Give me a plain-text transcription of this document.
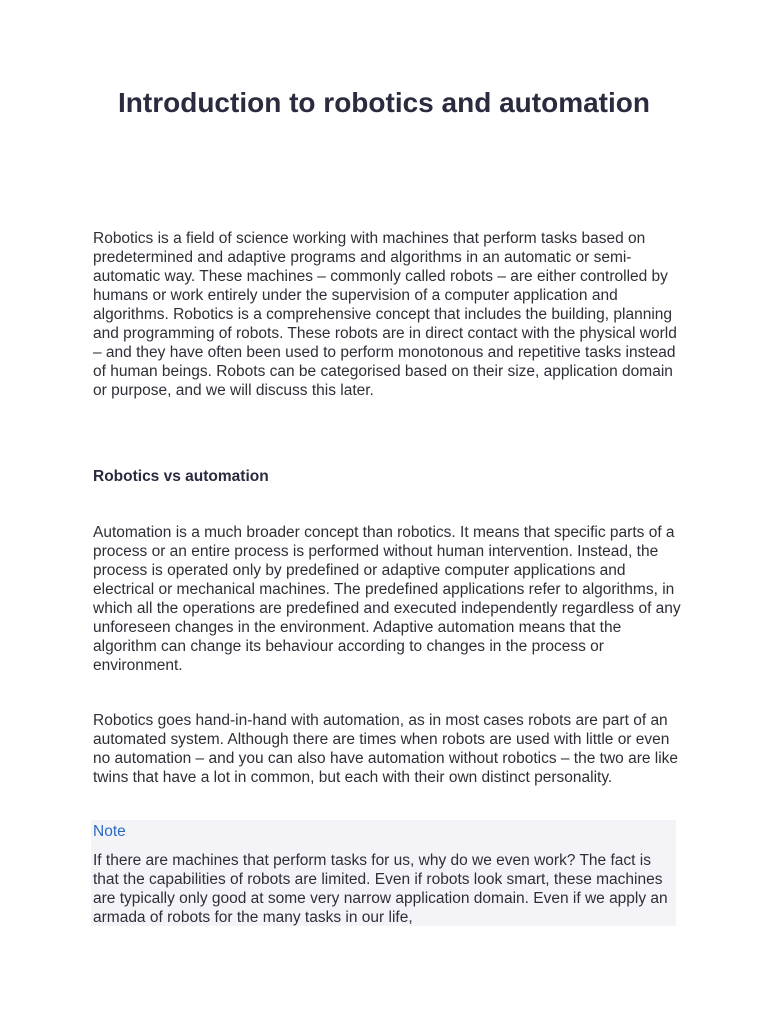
Introduction to robotics and automation

Robotics is a field of science working with machines that perform tasks based on predetermined and adaptive programs and algorithms in an automatic or semi-automatic way. These machines – commonly called robots – are either controlled by humans or work entirely under the supervision of a computer application and algorithms. Robotics is a comprehensive concept that includes the building, planning and programming of robots. These robots are in direct contact with the physical world – and they have often been used to perform monotonous and repetitive tasks instead of human beings. Robots can be categorised based on their size, application domain or purpose, and we will discuss this later.

Robotics vs automation

Automation is a much broader concept than robotics. It means that specific parts of a process or an entire process is performed without human intervention. Instead, the process is operated only by predefined or adaptive computer applications and electrical or mechanical machines. The predefined applications refer to algorithms, in which all the operations are predefined and executed independently regardless of any unforeseen changes in the environment. Adaptive automation means that the algorithm can change its behaviour according to changes in the process or environment.

Robotics goes hand-in-hand with automation, as in most cases robots are part of an automated system. Although there are times when robots are used with little or even no automation – and you can also have automation without robotics – the two are like twins that have a lot in common, but each with their own distinct personality.

Note

If there are machines that perform tasks for us, why do we even work? The fact is that the capabilities of robots are limited. Even if robots look smart, these machines are typically only good at some very narrow application domain. Even if we apply an armada of robots for the many tasks in our life,
